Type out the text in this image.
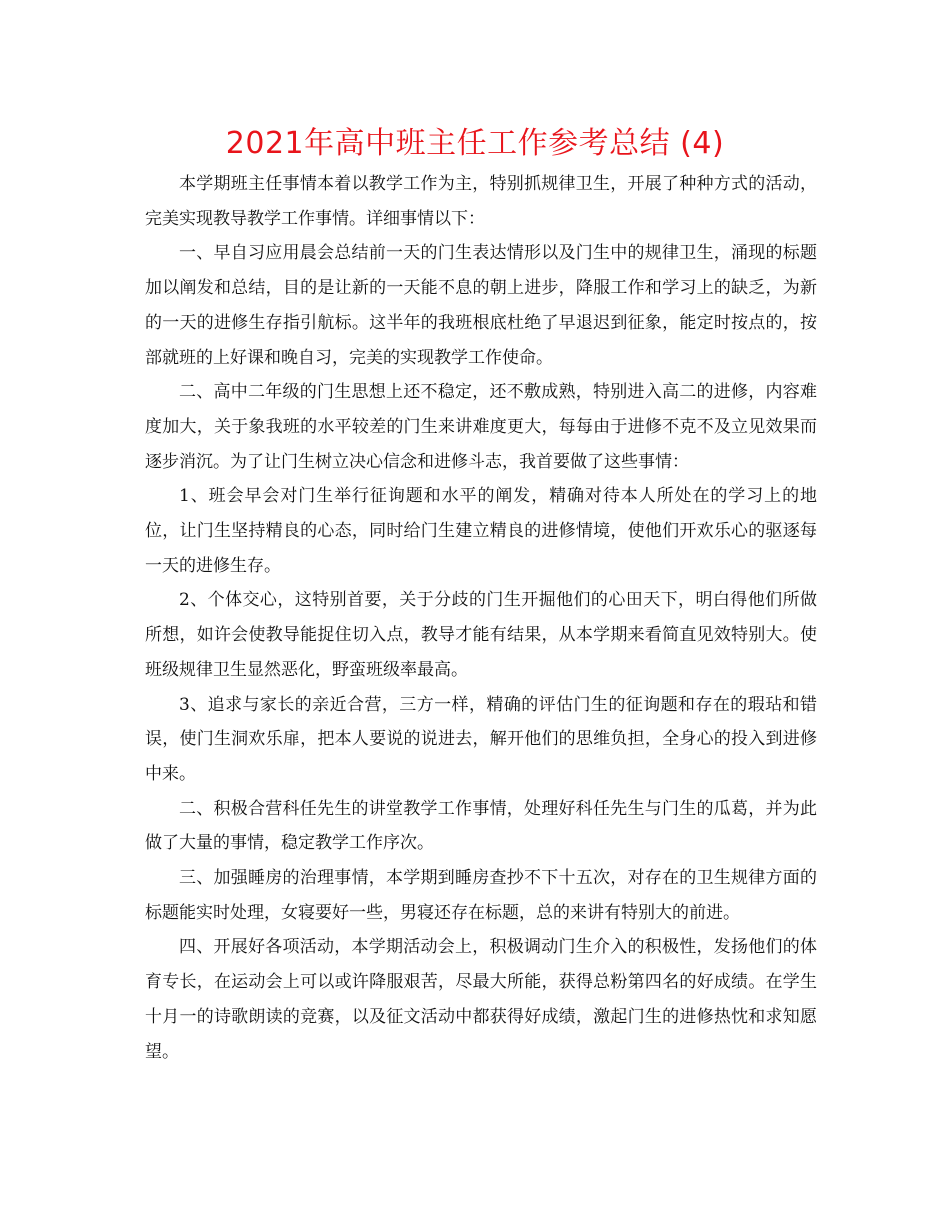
2021年高中班主任工作参考总结 (4)

本学期班主任事情本着以教学工作为主，特别抓规律卫生，开展了种种方式的活动，完美实现教导教学工作事情。详细事情以下：

一、早自习应用晨会总结前一天的门生表达情形以及门生中的规律卫生，涌现的标题加以阐发和总结，目的是让新的一天能不息的朝上进步，降服工作和学习上的缺乏，为新的一天的进修生存指引航标。这半年的我班根底杜绝了早退迟到征象，能定时按点的，按部就班的上好课和晚自习，完美的实现教学工作使命。

二、高中二年级的门生思想上还不稳定，还不敷成熟，特别进入高二的进修，内容难度加大，关于象我班的水平较差的门生来讲难度更大，每每由于进修不克不及立见效果而逐步消沉。为了让门生树立决心信念和进修斗志，我首要做了这些事情：

1、班会早会对门生举行征询题和水平的阐发，精确对待本人所处在的学习上的地位，让门生坚持精良的心态，同时给门生建立精良的进修情境，使他们开欢乐心的驱逐每一天的进修生存。

2、个体交心，这特别首要，关于分歧的门生开掘他们的心田天下，明白得他们所做所想，如许会使教导能捉住切入点，教导才能有结果，从本学期来看简直见效特别大。使班级规律卫生显然恶化，野蛮班级率最高。

3、追求与家长的亲近合营，三方一样，精确的评估门生的征询题和存在的瑕玷和错误，使门生洞欢乐扉，把本人要说的说进去，解开他们的思维负担，全身心的投入到进修中来。

二、积极合营科任先生的讲堂教学工作事情，处理好科任先生与门生的瓜葛，并为此做了大量的事情，稳定教学工作序次。

三、加强睡房的治理事情，本学期到睡房查抄不下十五次，对存在的卫生规律方面的标题能实时处理，女寝要好一些，男寝还存在标题，总的来讲有特别大的前进。

四、开展好各项活动，本学期活动会上，积极调动门生介入的积极性，发扬他们的体育专长，在运动会上可以或许降服艰苦，尽最大所能，获得总粉第四名的好成绩。在学生十月一的诗歌朗读的竞赛，以及征文活动中都获得好成绩，激起门生的进修热忱和求知愿望。
